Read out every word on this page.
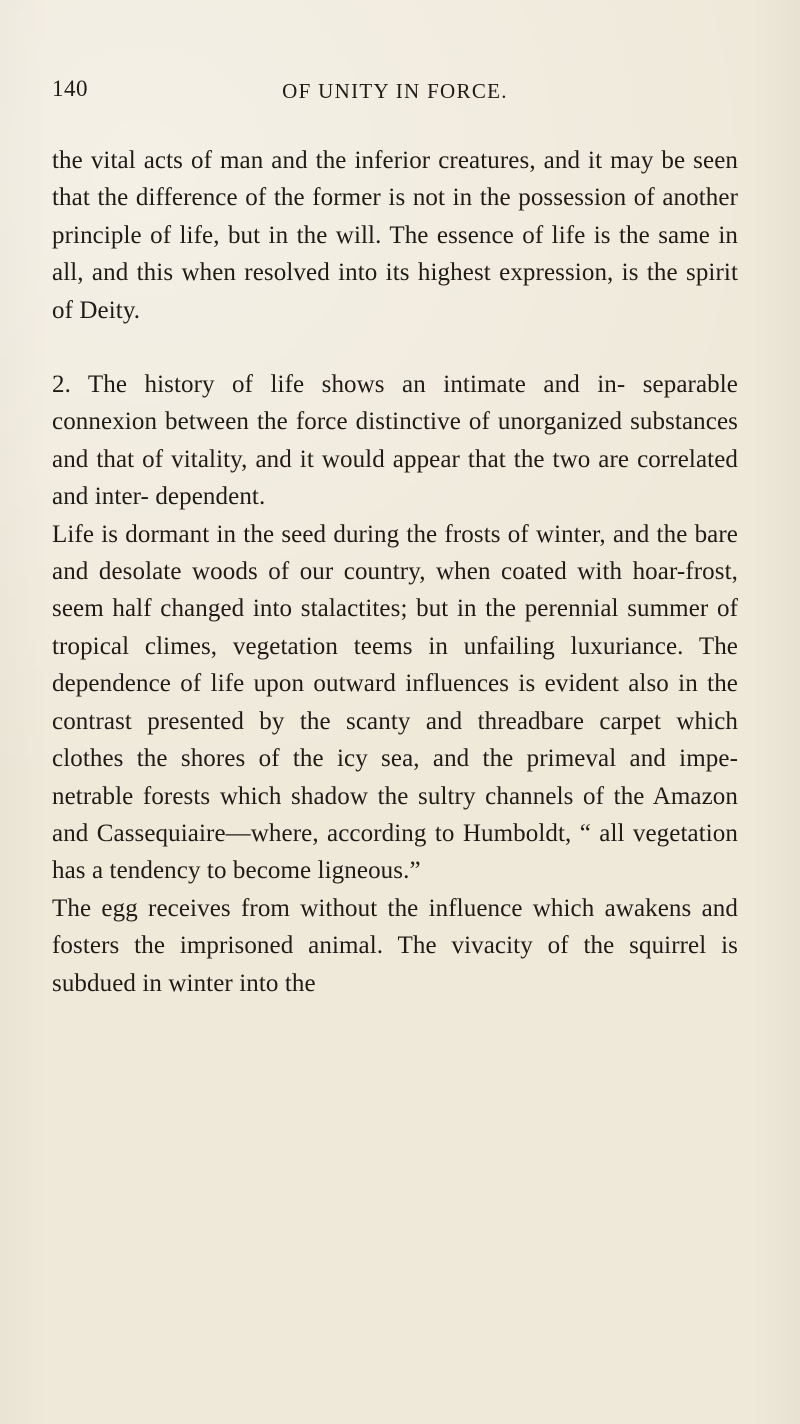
140	OF UNITY IN FORCE.

the vital acts of man and the inferior creatures, and it may be seen that the difference of the former is not in the possession of another principle of life, but in the will. The essence of life is the same in all, and this when resolved into its highest expression, is the spirit of Deity.

2. The history of life shows an intimate and in- separable connexion between the force distinctive of unorganized substances and that of vitality, and it would appear that the two are correlated and inter- dependent.

Life is dormant in the seed during the frosts of winter, and the bare and desolate woods of our country, when coated with hoar-frost, seem half changed into stalactites; but in the perennial summer of tropical climes, vegetation teems in unfailing luxuriance. The dependence of life upon outward influences is evident also in the contrast presented by the scanty and threadbare carpet which clothes the shores of the icy sea, and the primeval and impe- netrable forests which shadow the sultry channels of the Amazon and Cassequiaire—where, according to Humboldt, “ all vegetation has a tendency to become ligneous.”

The egg receives from without the influence which awakens and fosters the imprisoned animal. The vivacity of the squirrel is subdued in winter into the
